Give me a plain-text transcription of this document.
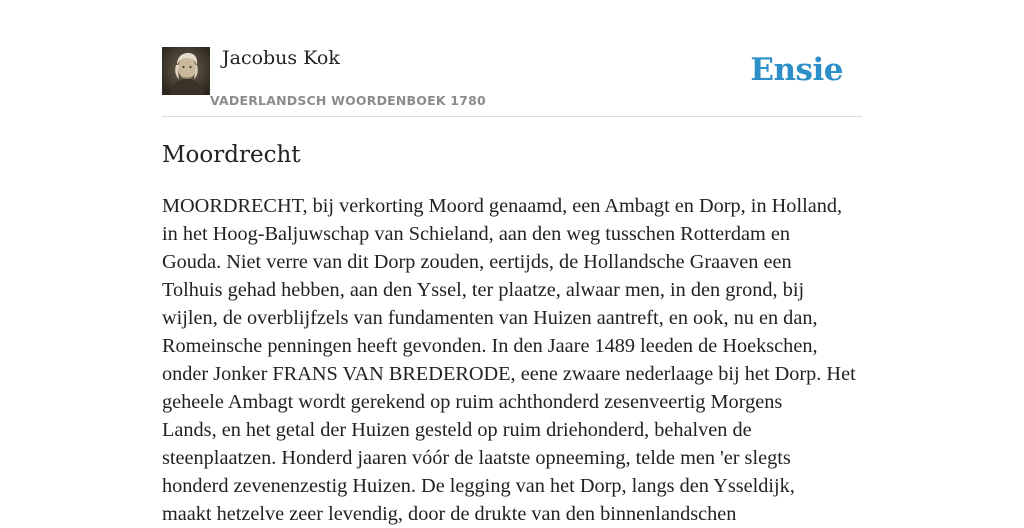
Jacobus Kok
VADERLANDSCH WOORDENBOEK 1780
Ensie
Moordrecht

MOORDRECHT, bij verkorting Moord genaamd, een Ambagt en Dorp, in Holland,
in het Hoog-Baljuwschap van Schieland, aan den weg tusschen Rotterdam en
Gouda. Niet verre van dit Dorp zouden, eertijds, de Hollandsche Graaven een
Tolhuis gehad hebben, aan den Yssel, ter plaatze, alwaar men, in den grond, bij
wijlen, de overblijfzels van fundamenten van Huizen aantreft, en ook, nu en dan,
Romeinsche penningen heeft gevonden. In den Jaare 1489 leeden de Hoekschen,
onder Jonker FRANS VAN BREDERODE, eene zwaare nederlaage bij het Dorp. Het
geheele Ambagt wordt gerekend op ruim achthonderd zesenveertig Morgens
Lands, en het getal der Huizen gesteld op ruim driehonderd, behalven de
steenplaatzen. Honderd jaaren vóór de laatste opneeming, telde men 'er slegts
honderd zevenenzestig Huizen. De legging van het Dorp, langs den Ysseldijk,
maakt hetzelve zeer levendig, door de drukte van den binnenlandschen
